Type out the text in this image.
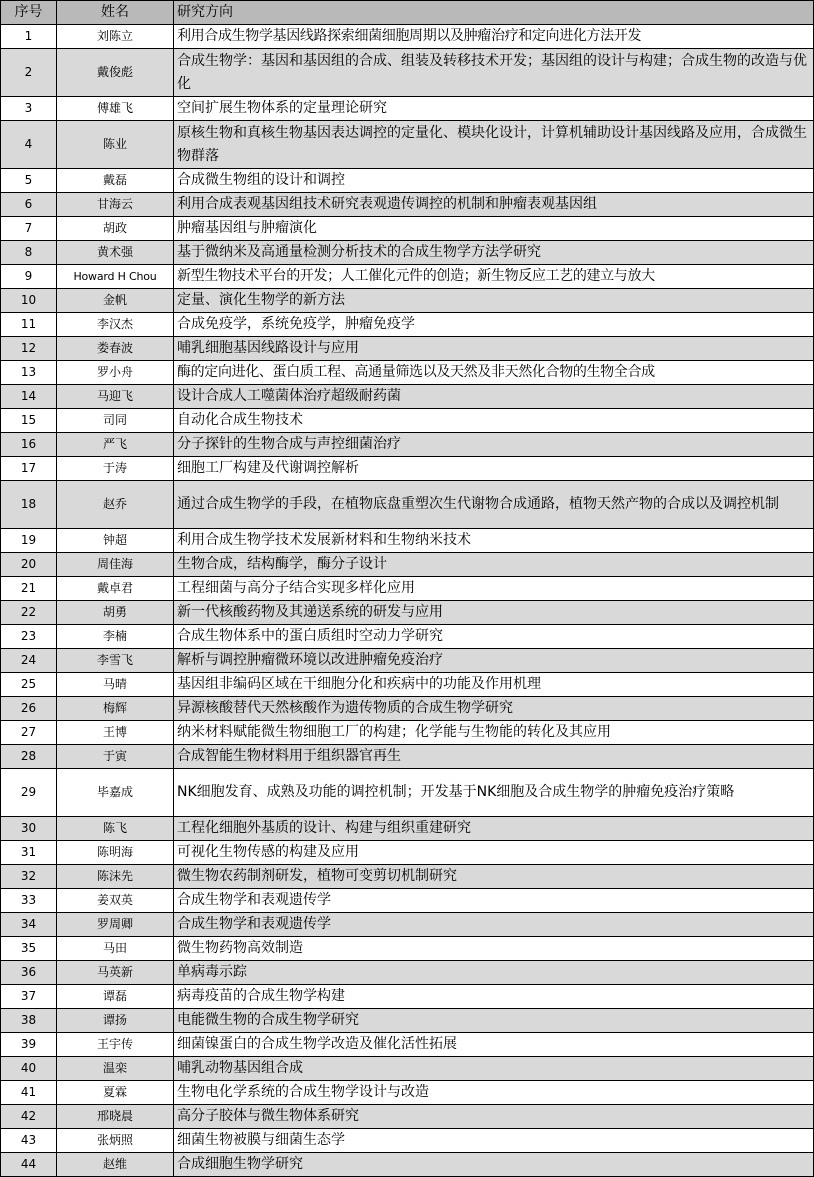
序号	姓名	研究方向
1	刘陈立	利用合成生物学基因线路探索细菌细胞周期以及肿瘤治疗和定向进化方法开发
2	戴俊彪	合成生物学：基因和基因组的合成、组装及转移技术开发；基因组的设计与构建；合成生物的改造与优化
3	傅雄飞	空间扩展生物体系的定量理论研究
4	陈业	原核生物和真核生物基因表达调控的定量化、模块化设计，计算机辅助设计基因线路及应用，合成微生物群落
5	戴磊	合成微生物组的设计和调控
6	甘海云	利用合成表观基因组技术研究表观遗传调控的机制和肿瘤表观基因组
7	胡政	肿瘤基因组与肿瘤演化
8	黄术强	基于微纳米及高通量检测分析技术的合成生物学方法学研究
9	Howard H Chou	新型生物技术平台的开发；人工催化元件的创造；新生物反应工艺的建立与放大
10	金帆	定量、演化生物学的新方法
11	李汉杰	合成免疫学，系统免疫学，肿瘤免疫学
12	娄春波	哺乳细胞基因线路设计与应用
13	罗小舟	酶的定向进化、蛋白质工程、高通量筛选以及天然及非天然化合物的生物全合成
14	马迎飞	设计合成人工噬菌体治疗超级耐药菌
15	司同	自动化合成生物技术
16	严飞	分子探针的生物合成与声控细菌治疗
17	于涛	细胞工厂构建及代谢调控解析
18	赵乔	通过合成生物学的手段，在植物底盘重塑次生代谢物合成通路，植物天然产物的合成以及调控机制
19	钟超	利用合成生物学技术发展新材料和生物纳米技术
20	周佳海	生物合成，结构酶学，酶分子设计
21	戴卓君	工程细菌与高分子结合实现多样化应用
22	胡勇	新一代核酸药物及其递送系统的研发与应用
23	李楠	合成生物体系中的蛋白质组时空动力学研究
24	李雪飞	解析与调控肿瘤微环境以改进肿瘤免疫治疗
25	马晴	基因组非编码区域在干细胞分化和疾病中的功能及作用机理
26	梅辉	异源核酸替代天然核酸作为遗传物质的合成生物学研究
27	王博	纳米材料赋能微生物细胞工厂的构建；化学能与生物能的转化及其应用
28	于寅	合成智能生物材料用于组织器官再生
29	毕嘉成	NK细胞发育、成熟及功能的调控机制；开发基于NK细胞及合成生物学的肿瘤免疫治疗策略
30	陈飞	工程化细胞外基质的设计、构建与组织重建研究
31	陈明海	可视化生物传感的构建及应用
32	陈沫先	微生物农药制剂研发，植物可变剪切机制研究
33	姜双英	合成生物学和表观遗传学
34	罗周卿	合成生物学和表观遗传学
35	马田	微生物药物高效制造
36	马英新	单病毒示踪
37	谭磊	病毒疫苗的合成生物学构建
38	谭扬	电能微生物的合成生物学研究
39	王宇传	细菌镍蛋白的合成生物学改造及催化活性拓展
40	温栾	哺乳动物基因组合成
41	夏霖	生物电化学系统的合成生物学设计与改造
42	邢晓晨	高分子胶体与微生物体系研究
43	张炳照	细菌生物被膜与细菌生态学
44	赵维	合成细胞生物学研究
